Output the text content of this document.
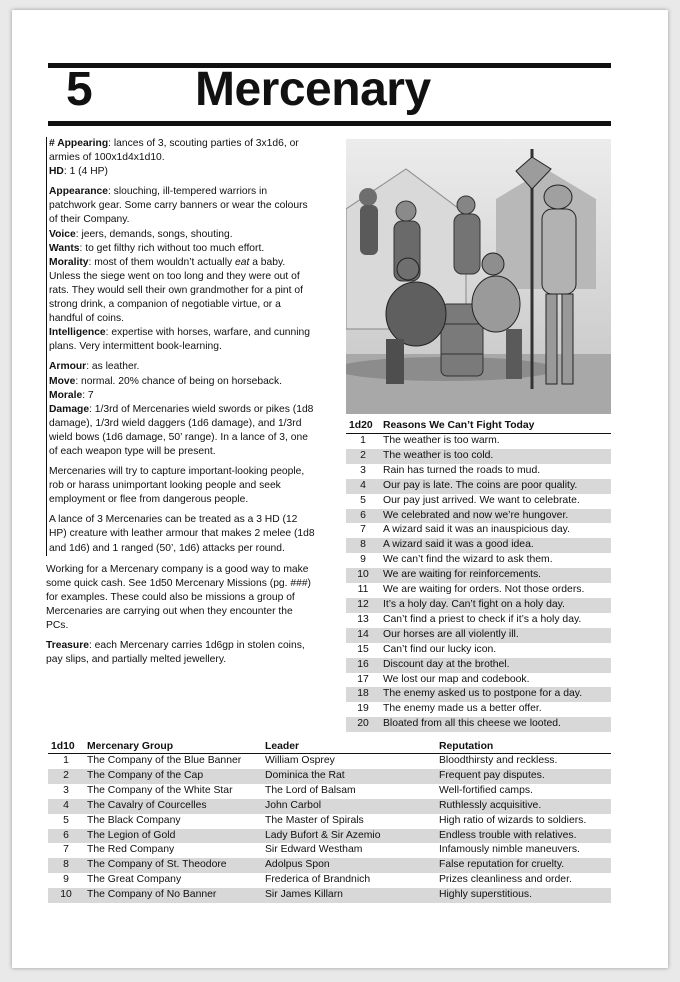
5 Mercenary

# Appearing: lances of 3, scouting parties of 3x1d6, or armies of 100x1d4x1d10.

HD: 1 (4 HP)

Appearance: slouching, ill-tempered warriors in patchwork gear. Some carry banners or wear the colours of their Company.

Voice: jeers, demands, songs, shouting.

Wants: to get filthy rich without too much effort.

Morality: most of them wouldn’t actually eat a baby. Unless the siege went on too long and they were out of rats. They would sell their own grandmother for a pint of strong drink, a companion of negotiable virtue, or a handful of coins.

Intelligence: expertise with horses, warfare, and cunning plans. Very intermittent book-learning.

Armour: as leather.

Move: normal. 20% chance of being on horseback.

Morale: 7

Damage: 1/3rd of Mercenaries wield swords or pikes (1d8 damage), 1/3rd wield daggers (1d6 damage), and 1/3rd wield bows (1d6 damage, 50’ range). In a lance of 3, one of each weapon type will be present.

Mercenaries will try to capture important-looking people, rob or harass unimportant looking people and seek employment or flee from dangerous people.

A lance of 3 Mercenaries can be treated as a 3 HD (12 HP) creature with leather armour that makes 2 melee (1d8 and 1d6) and 1 ranged (50’, 1d6) attacks per round.

Working for a Mercenary company is a good way to make some quick cash. See 1d50 Mercenary Missions (pg. ###) for examples. These could also be missions a group of Mercenaries are carrying out when they encounter the PCs.

Treasure: each Mercenary carries 1d6gp in stolen coins, pay slips, and partially melted jewellery.

1d20	Reasons We Can’t Fight Today
1	The weather is too warm.
2	The weather is too cold.
3	Rain has turned the roads to mud.
4	Our pay is late. The coins are poor quality.
5	Our pay just arrived. We want to celebrate.
6	We celebrated and now we’re hungover.
7	A wizard said it was an inauspicious day.
8	A wizard said it was a good idea.
9	We can’t find the wizard to ask them.
10	We are waiting for reinforcements.
11	We are waiting for orders. Not those orders.
12	It’s a holy day. Can’t fight on a holy day.
13	Can’t find a priest to check if it’s a holy day.
14	Our horses are all violently ill.
15	Can’t find our lucky icon.
16	Discount day at the brothel.
17	We lost our map and codebook.
18	The enemy asked us to postpone for a day.
19	The enemy made us a better offer.
20	Bloated from all this cheese we looted.
1d10	Mercenary Group	Leader	Reputation
1	The Company of the Blue Banner	William Osprey	Bloodthirsty and reckless.
2	The Company of the Cap	Dominica the Rat	Frequent pay disputes.
3	The Company of the White Star	The Lord of Balsam	Well-fortified camps.
4	The Cavalry of Courcelles	John Carbol	Ruthlessly acquisitive.
5	The Black Company	The Master of Spirals	High ratio of wizards to soldiers.
6	The Legion of Gold	Lady Bufort & Sir Azemio	Endless trouble with relatives.
7	The Red Company	Sir Edward Westham	Infamously nimble maneuvers.
8	The Company of St. Theodore	Adolpus Spon	False reputation for cruelty.
9	The Great Company	Frederica of Brandnich	Prizes cleanliness and order.
10	The Company of No Banner	Sir James Killarn	Highly superstitious.
